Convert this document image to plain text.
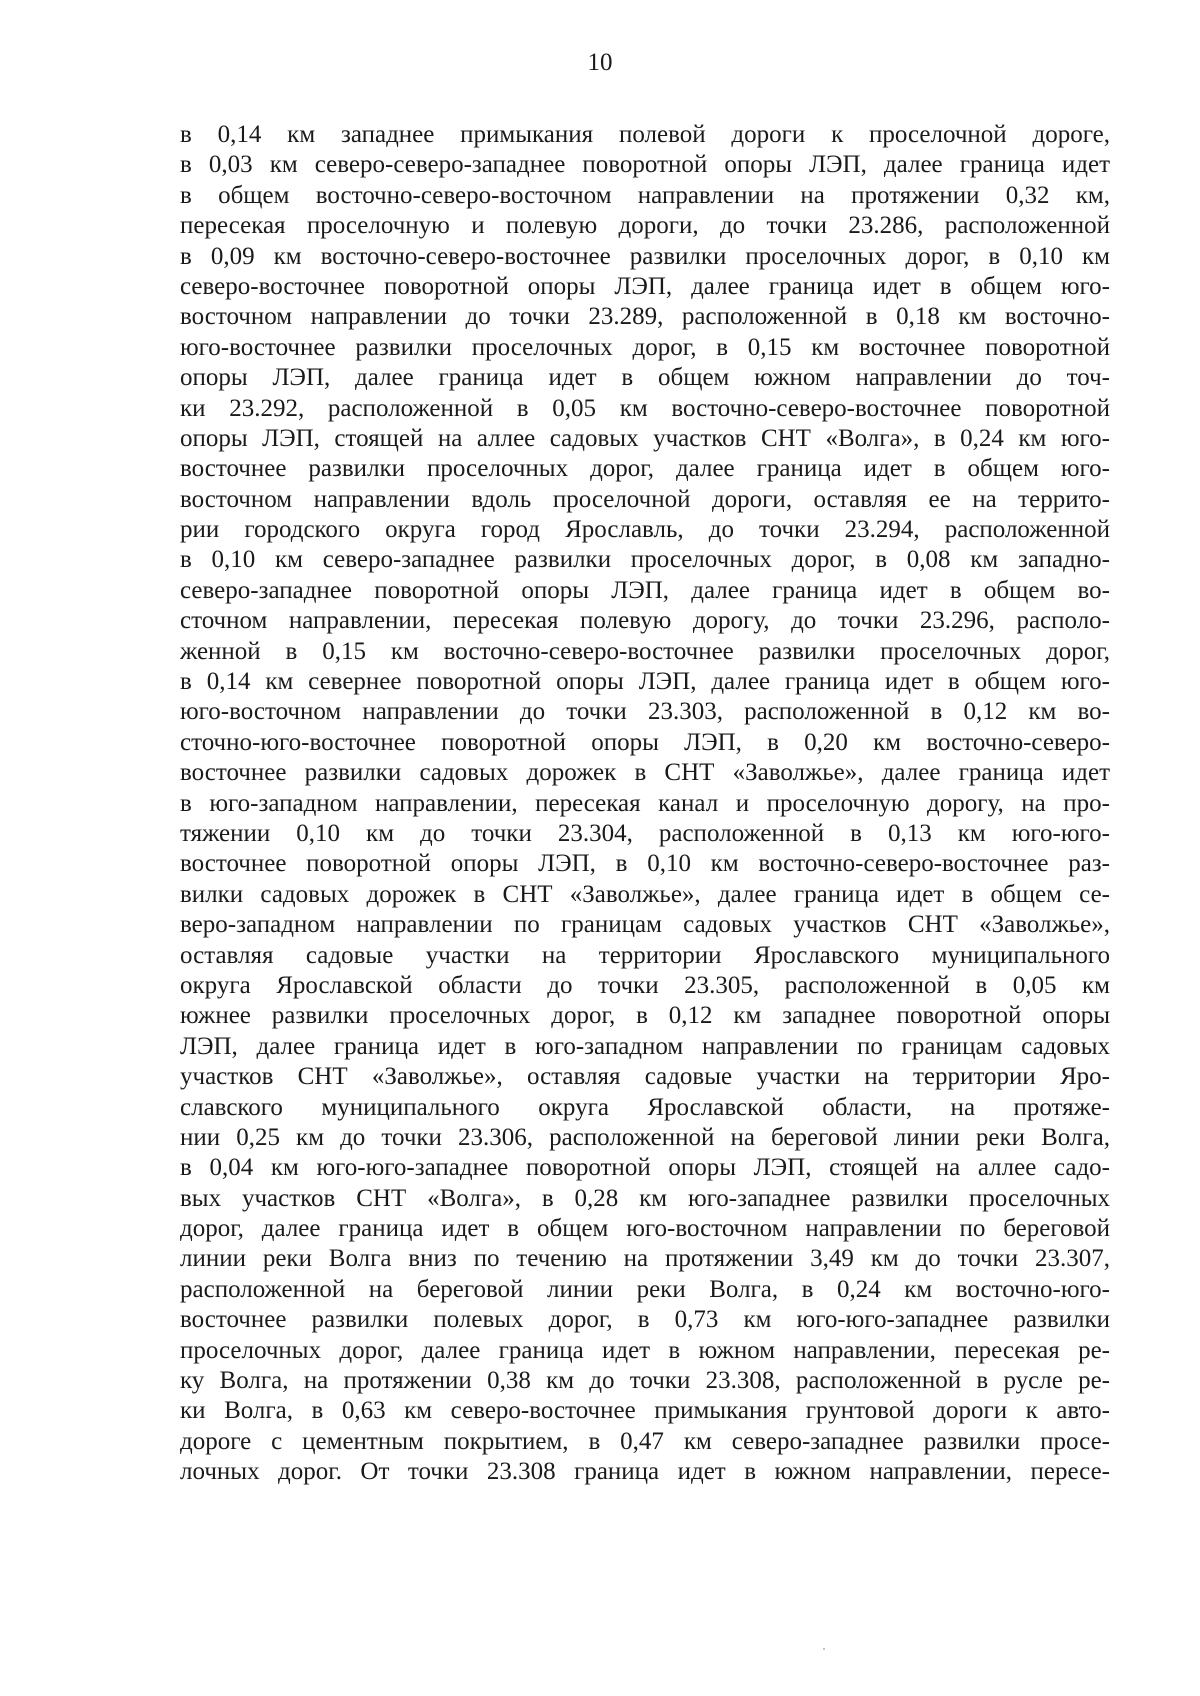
10
в 0,14 км западнее примыкания полевой дороги к проселочной дороге,
в 0,03 км северо-северо-западнее поворотной опоры ЛЭП, далее граница идет
в общем восточно-северо-восточном направлении на протяжении 0,32 км,
пересекая проселочную и полевую дороги, до точки 23.286, расположенной
в 0,09 км восточно-северо-восточнее развилки проселочных дорог, в 0,10 км
северо-восточнее поворотной опоры ЛЭП, далее граница идет в общем юго-
восточном направлении до точки 23.289, расположенной в 0,18 км восточно-
юго-восточнее развилки проселочных дорог, в 0,15 км восточнее поворотной
опоры ЛЭП, далее граница идет в общем южном направлении до точ-
ки 23.292, расположенной в 0,05 км восточно-северо-восточнее поворотной
опоры ЛЭП, стоящей на аллее садовых участков СНТ «Волга», в 0,24 км юго-
восточнее развилки проселочных дорог, далее граница идет в общем юго-
восточном направлении вдоль проселочной дороги, оставляя ее на террито-
рии городского округа город Ярославль, до точки 23.294, расположенной
в 0,10 км северо-западнее развилки проселочных дорог, в 0,08 км западно-
северо-западнее поворотной опоры ЛЭП, далее граница идет в общем во-
сточном направлении, пересекая полевую дорогу, до точки 23.296, располо-
женной в 0,15 км восточно-северо-восточнее развилки проселочных дорог,
в 0,14 км севернее поворотной опоры ЛЭП, далее граница идет в общем юго-
юго-восточном направлении до точки 23.303, расположенной в 0,12 км во-
сточно-юго-восточнее поворотной опоры ЛЭП, в 0,20 км восточно-северо-
восточнее развилки садовых дорожек в СНТ «Заволжье», далее граница идет
в юго-западном направлении, пересекая канал и проселочную дорогу, на про-
тяжении 0,10 км до точки 23.304, расположенной в 0,13 км юго-юго-
восточнее поворотной опоры ЛЭП, в 0,10 км восточно-северо-восточнее раз-
вилки садовых дорожек в СНТ «Заволжье», далее граница идет в общем се-
веро-западном направлении по границам садовых участков СНТ «Заволжье»,
оставляя садовые участки на территории Ярославского муниципального
округа Ярославской области до точки 23.305, расположенной в 0,05 км
южнее развилки проселочных дорог, в 0,12 км западнее поворотной опоры
ЛЭП, далее граница идет в юго-западном направлении по границам садовых
участков СНТ «Заволжье», оставляя садовые участки на территории Яро-
славского муниципального округа Ярославской области, на протяже-
нии 0,25 км до точки 23.306, расположенной на береговой линии реки Волга,
в 0,04 км юго-юго-западнее поворотной опоры ЛЭП, стоящей на аллее садо-
вых участков СНТ «Волга», в 0,28 км юго-западнее развилки проселочных
дорог, далее граница идет в общем юго-восточном направлении по береговой
линии реки Волга вниз по течению на протяжении 3,49 км до точки 23.307,
расположенной на береговой линии реки Волга, в 0,24 км восточно-юго-
восточнее развилки полевых дорог, в 0,73 км юго-юго-западнее развилки
проселочных дорог, далее граница идет в южном направлении, пересекая ре-
ку Волга, на протяжении 0,38 км до точки 23.308, расположенной в русле ре-
ки Волга, в 0,63 км северо-восточнее примыкания грунтовой дороги к авто-
дороге с цементным покрытием, в 0,47 км северо-западнее развилки просе-
лочных дорог. От точки 23.308 граница идет в южном направлении, пересе-
